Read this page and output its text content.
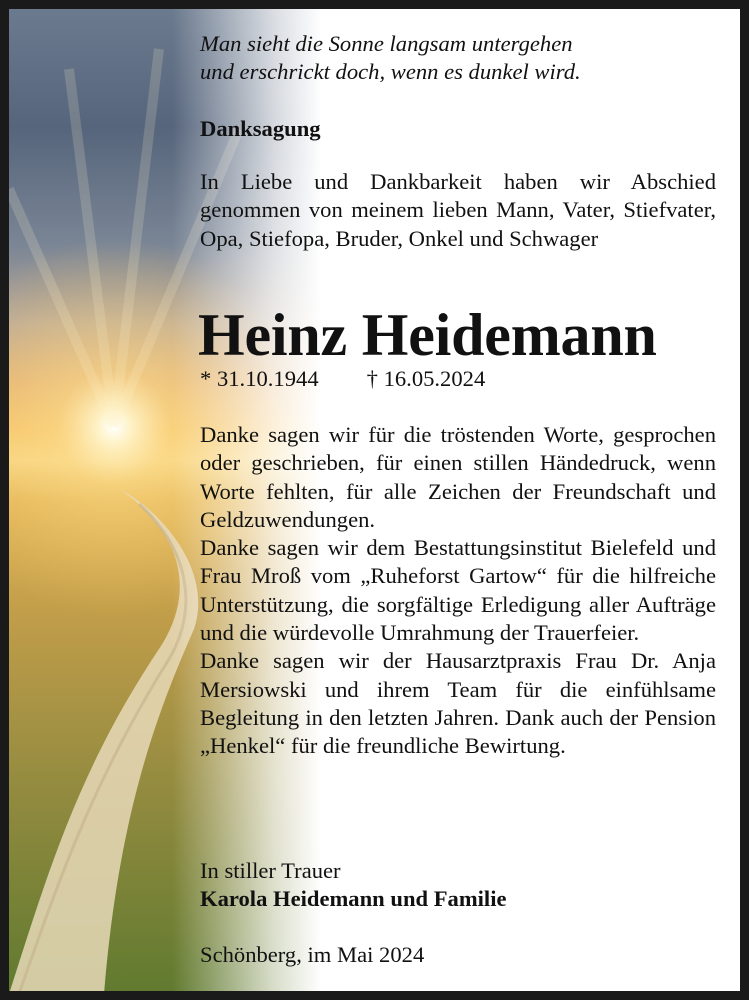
Man sieht die Sonne langsam untergehen
und erschrickt doch, wenn es dunkel wird.
Danksagung
In Liebe und Dankbarkeit haben wir Abschied genommen von meinem lieben Mann, Vater, Stiefvater, Opa, Stiefopa, Bruder, Onkel und Schwager
Heinz Heidemann
* 31.10.1944 † 16.05.2024

Danke sagen wir für die tröstenden Worte, gesprochen oder geschrieben, für einen stillen Händedruck, wenn Worte fehlten, für alle Zeichen der Freundschaft und Geldzuwendungen.

Danke sagen wir dem Bestattungsinstitut Bielefeld und Frau Mroß vom „Ruheforst Gartow“ für die hilfreiche Unterstützung, die sorgfältige Erledigung aller Aufträge und die würdevolle Umrahmung der Trauerfeier.

Danke sagen wir der Hausarztpraxis Frau Dr. Anja Mersiowski und ihrem Team für die einfühlsame Begleitung in den letzten Jahren. Dank auch der Pension „Henkel“ für die freundliche Bewirtung.

In stiller Trauer
Karola Heidemann und Familie
Schönberg, im Mai 2024
